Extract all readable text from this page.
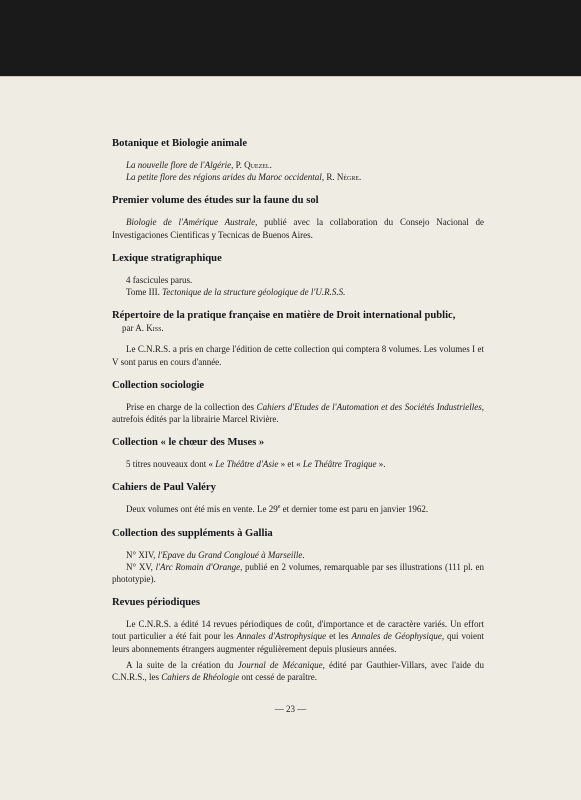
Botanique et Biologie animale

La nouvelle flore de l'Algérie, P. Quezel.

La petite flore des régions arides du Maroc occidental, R. Nègre.

Premier volume des études sur la faune du sol

Biologie de l'Amérique Australe, publié avec la collaboration du Consejo Nacional de Investigaciones Cientificas y Tecnicas de Buenos Aires.

Lexique stratigraphique

4 fascicules parus.

Tome III. Tectonique de la structure géologique de l'U.R.S.S.

Répertoire de la pratique française en matière de Droit international public,

par A. Kiss.

Le C.N.R.S. a pris en charge l'édition de cette collection qui comptera 8 volumes. Les volumes I et V sont parus en cours d'année.

Collection sociologie

Prise en charge de la collection des Cahiers d'Etudes de l'Automation et des Sociétés Industrielles, autrefois édités par la librairie Marcel Rivière.

Collection « le chœur des Muses »

5 titres nouveaux dont « Le Théâtre d'Asie » et « Le Théâtre Tragique ».

Cahiers de Paul Valéry

Deux volumes ont été mis en vente. Le 29e et dernier tome est paru en janvier 1962.

Collection des suppléments à Gallia

N° XIV, l'Epave du Grand Congloué à Marseille.

N° XV, l'Arc Romain d'Orange, publié en 2 volumes, remarquable par ses illustrations (111 pl. en phototypie).

Revues périodiques

Le C.N.R.S. a édité 14 revues périodiques de coût, d'importance et de caractère variés. Un effort tout particulier a été fait pour les Annales d'Astrophysique et les Annales de Géophysique, qui voient leurs abonnements étrangers augmenter régulièrement depuis plusieurs années.

A la suite de la création du Journal de Mécanique, édité par Gauthier-Villars, avec l'aide du C.N.R.S., les Cahiers de Rhéologie ont cessé de paraître.

— 23 —
